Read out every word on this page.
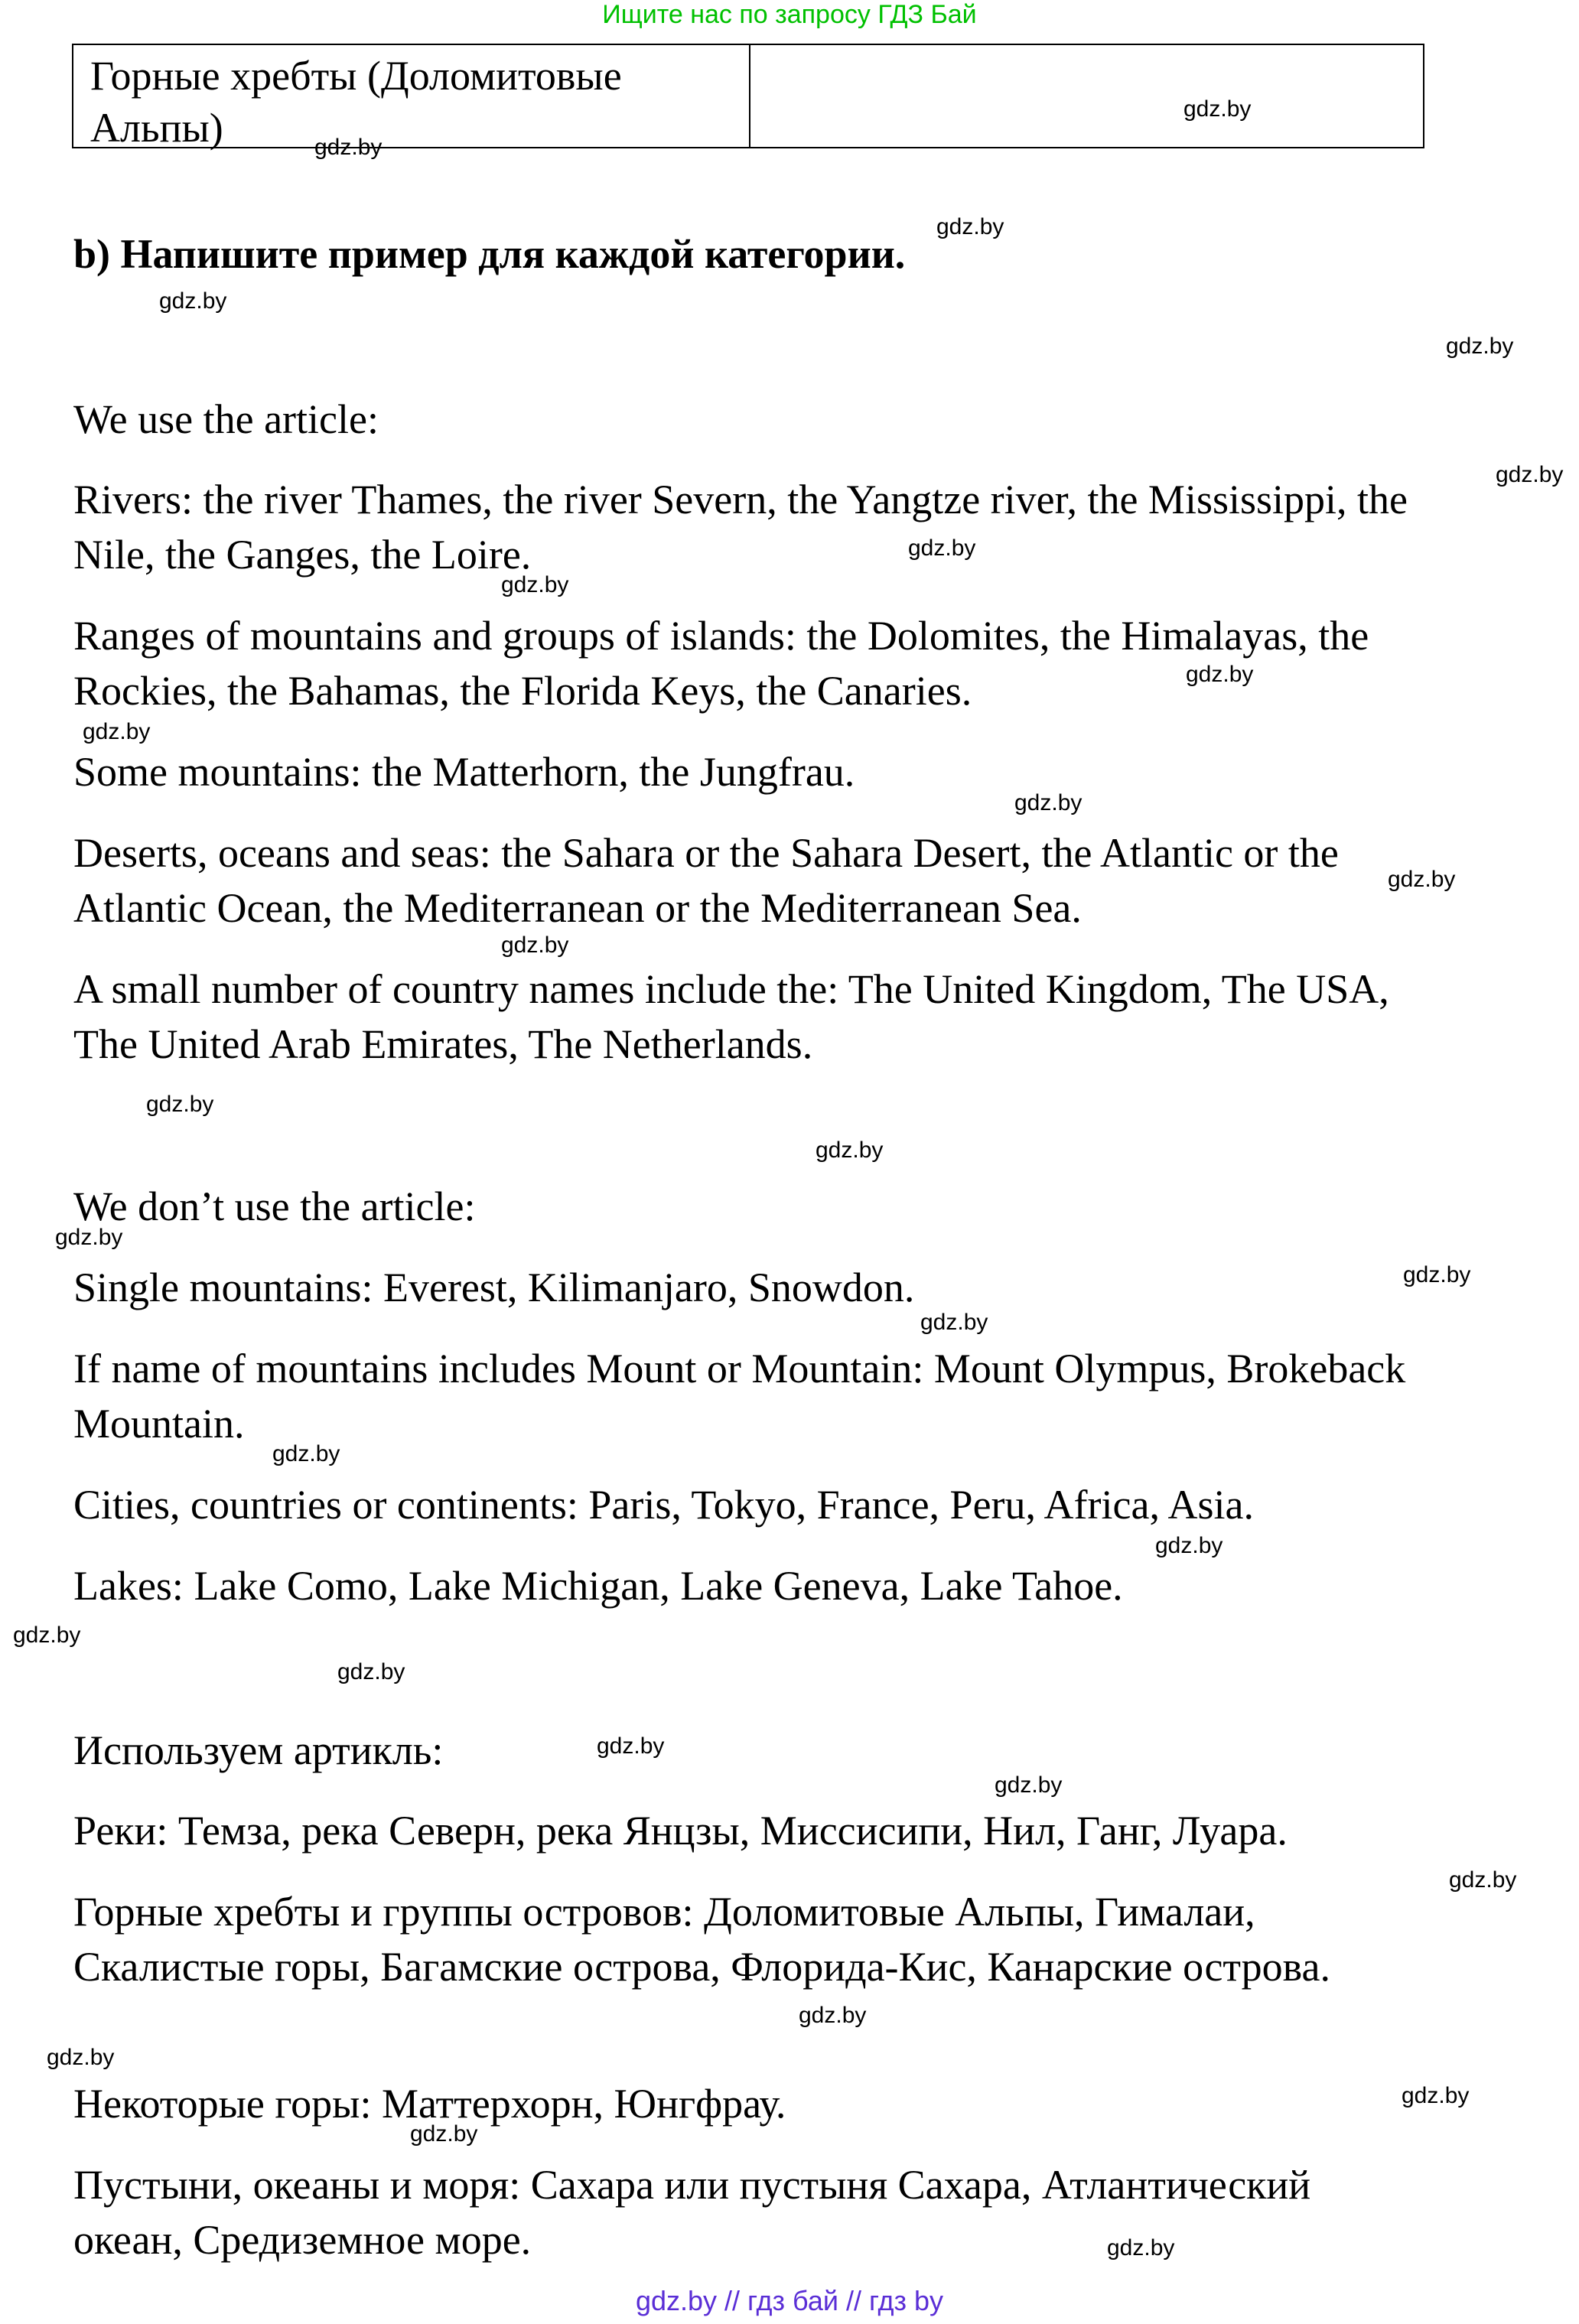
Ищите нас по запросу ГДЗ Бай
Горные хребты (Доломитовые Альпы)
b) Напишите пример для каждой категории.
We use the article:
Rivers: the river Thames, the river Severn, the Yangtze river, the Mississippi, the Nile, the Ganges, the Loire.
Ranges of mountains and groups of islands: the Dolomites, the Himalayas, the Rockies, the Bahamas, the Florida Keys, the Canaries.
Some mountains: the Matterhorn, the Jungfrau.
Deserts, oceans and seas: the Sahara or the Sahara Desert, the Atlantic or the Atlantic Ocean, the Mediterranean or the Mediterranean Sea.
A small number of country names include the: The United Kingdom, The USA, The United Arab Emirates, The Netherlands.
We don’t use the article:
Single mountains: Everest, Kilimanjaro, Snowdon.
If name of mountains includes Mount or Mountain: Mount Olympus, Brokeback Mountain.
Cities, countries or continents: Paris, Tokyo, France, Peru, Africa, Asia.
Lakes: Lake Como, Lake Michigan, Lake Geneva, Lake Tahoe.
Используем артикль:
Реки: Темза, река Северн, река Янцзы, Миссисипи, Нил, Ганг, Луара.
Горные хребты и группы островов: Доломитовые Альпы, Гималаи, Скалистые горы, Багамские острова, Флорида-Кис, Канарские острова.
Некоторые горы: Маттерхорн, Юнгфрау.
Пустыни, океаны и моря: Сахара или пустыня Сахара, Атлантический океан, Средиземное море.
gdz.by
gdz.by
gdz.by
gdz.by
gdz.by
gdz.by
gdz.by
gdz.by
gdz.by
gdz.by
gdz.by
gdz.by
gdz.by
gdz.by
gdz.by
gdz.by
gdz.by
gdz.by
gdz.by
gdz.by
gdz.by
gdz.by
gdz.by
gdz.by
gdz.by
gdz.by
gdz.by
gdz.by
gdz.by
gdz.by
gdz.by // гдз бай // гдз by
